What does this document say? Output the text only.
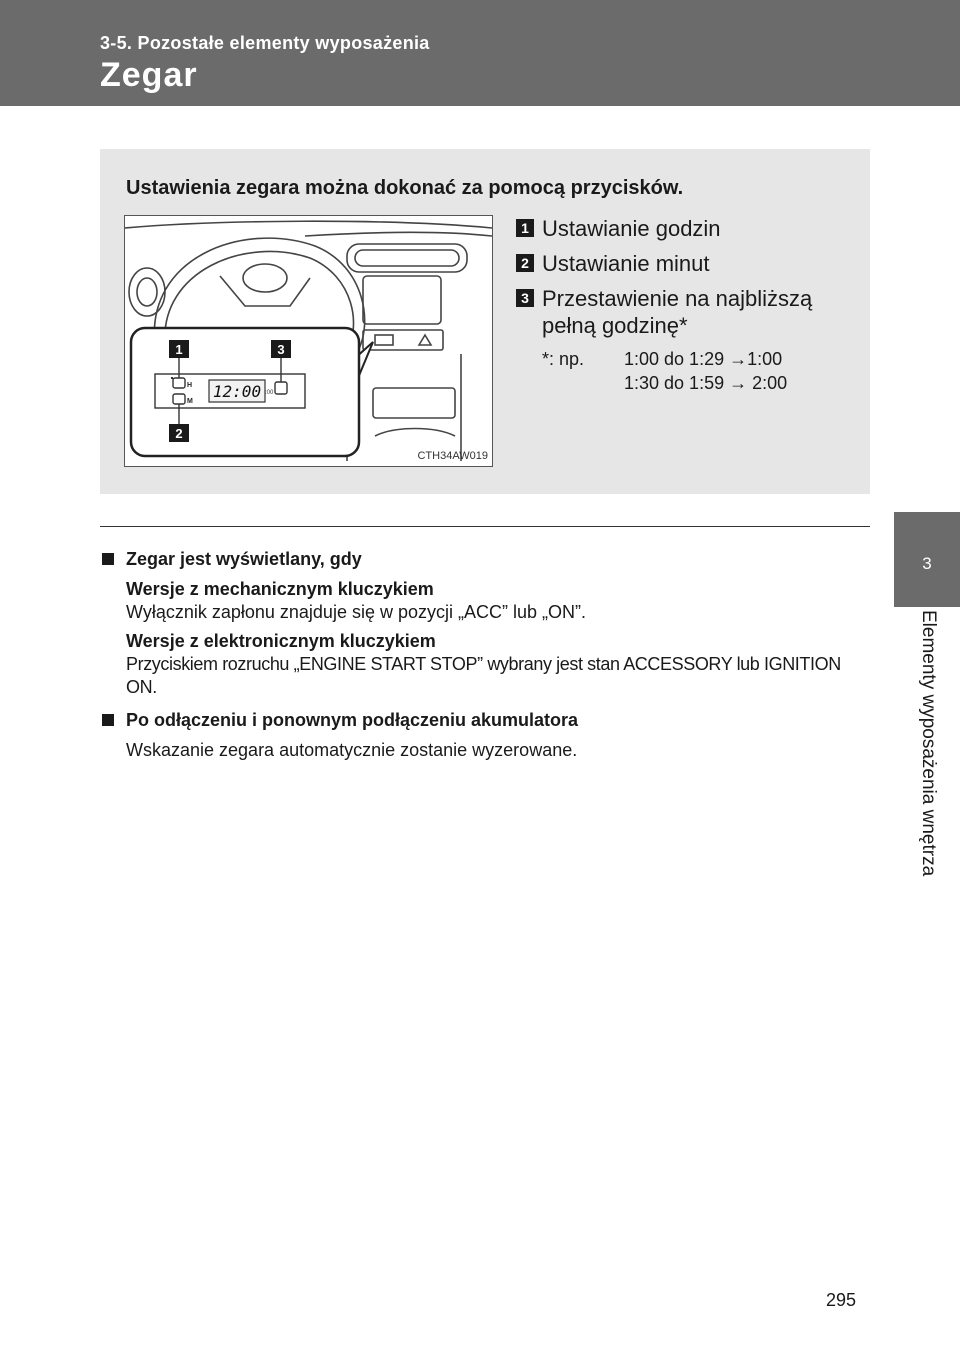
3-5. Pozostałe elementy wyposażenia
Zegar
3
Elementy wyposażenia wnętrza
Ustawienia zegara można dokonać za pomocą przycisków.
1	3
2
H
M
12:00 :00
CTH34AW019
1 Ustawianie godzin
2 Ustawianie minut
3 Przestawienie na najbliższą pełną godzinę*
*: np. 1:00 do 1:29 →1:00
1:30 do 1:59 → 2:00
Zegar jest wyświetlany, gdy
Wersje z mechanicznym kluczykiem
Wyłącznik zapłonu znajduje się w pozycji „ACC” lub „ON”.
Wersje z elektronicznym kluczykiem
Przyciskiem rozruchu „ENGINE START STOP” wybrany jest stan ACCESSORY lub IGNITION ON.
Po odłączeniu i ponownym podłączeniu akumulatora
Wskazanie zegara automatycznie zostanie wyzerowane.
295
